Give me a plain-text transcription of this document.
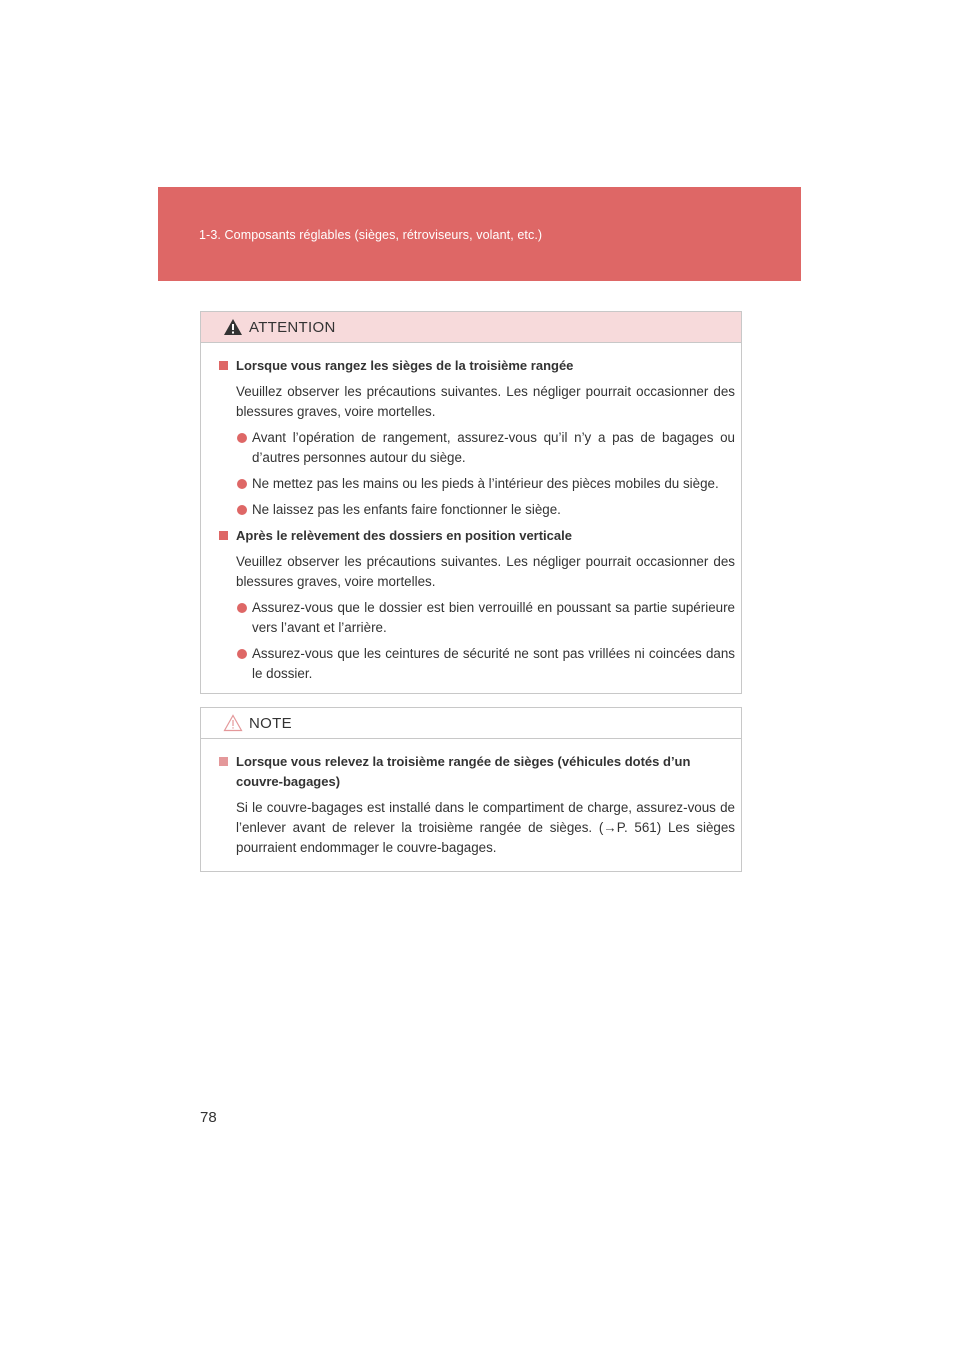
1-3. Composants réglables (sièges, rétroviseurs, volant, etc.)
ATTENTION
Lorsque vous rangez les sièges de la troisième rangée
Veuillez observer les précautions suivantes. Les négliger pourrait occasionner des blessures graves, voire mortelles.
Avant l’opération de rangement, assurez-vous qu’il n’y a pas de bagages ou d’autres personnes autour du siège.
Ne mettez pas les mains ou les pieds à l’intérieur des pièces mobiles du siège.
Ne laissez pas les enfants faire fonctionner le siège.
Après le relèvement des dossiers en position verticale
Veuillez observer les précautions suivantes. Les négliger pourrait occasionner des blessures graves, voire mortelles.
Assurez-vous que le dossier est bien verrouillé en poussant sa partie supérieure vers l’avant et l’arrière.
Assurez-vous que les ceintures de sécurité ne sont pas vrillées ni coincées dans le dossier.
NOTE
Lorsque vous relevez la troisième rangée de sièges (véhicules dotés d’un couvre-bagages)
Si le couvre-bagages est installé dans le compartiment de charge, assurez-vous de l’enlever avant de relever la troisième rangée de sièges. (→P. 561) Les sièges pourraient endommager le couvre-bagages.
78
